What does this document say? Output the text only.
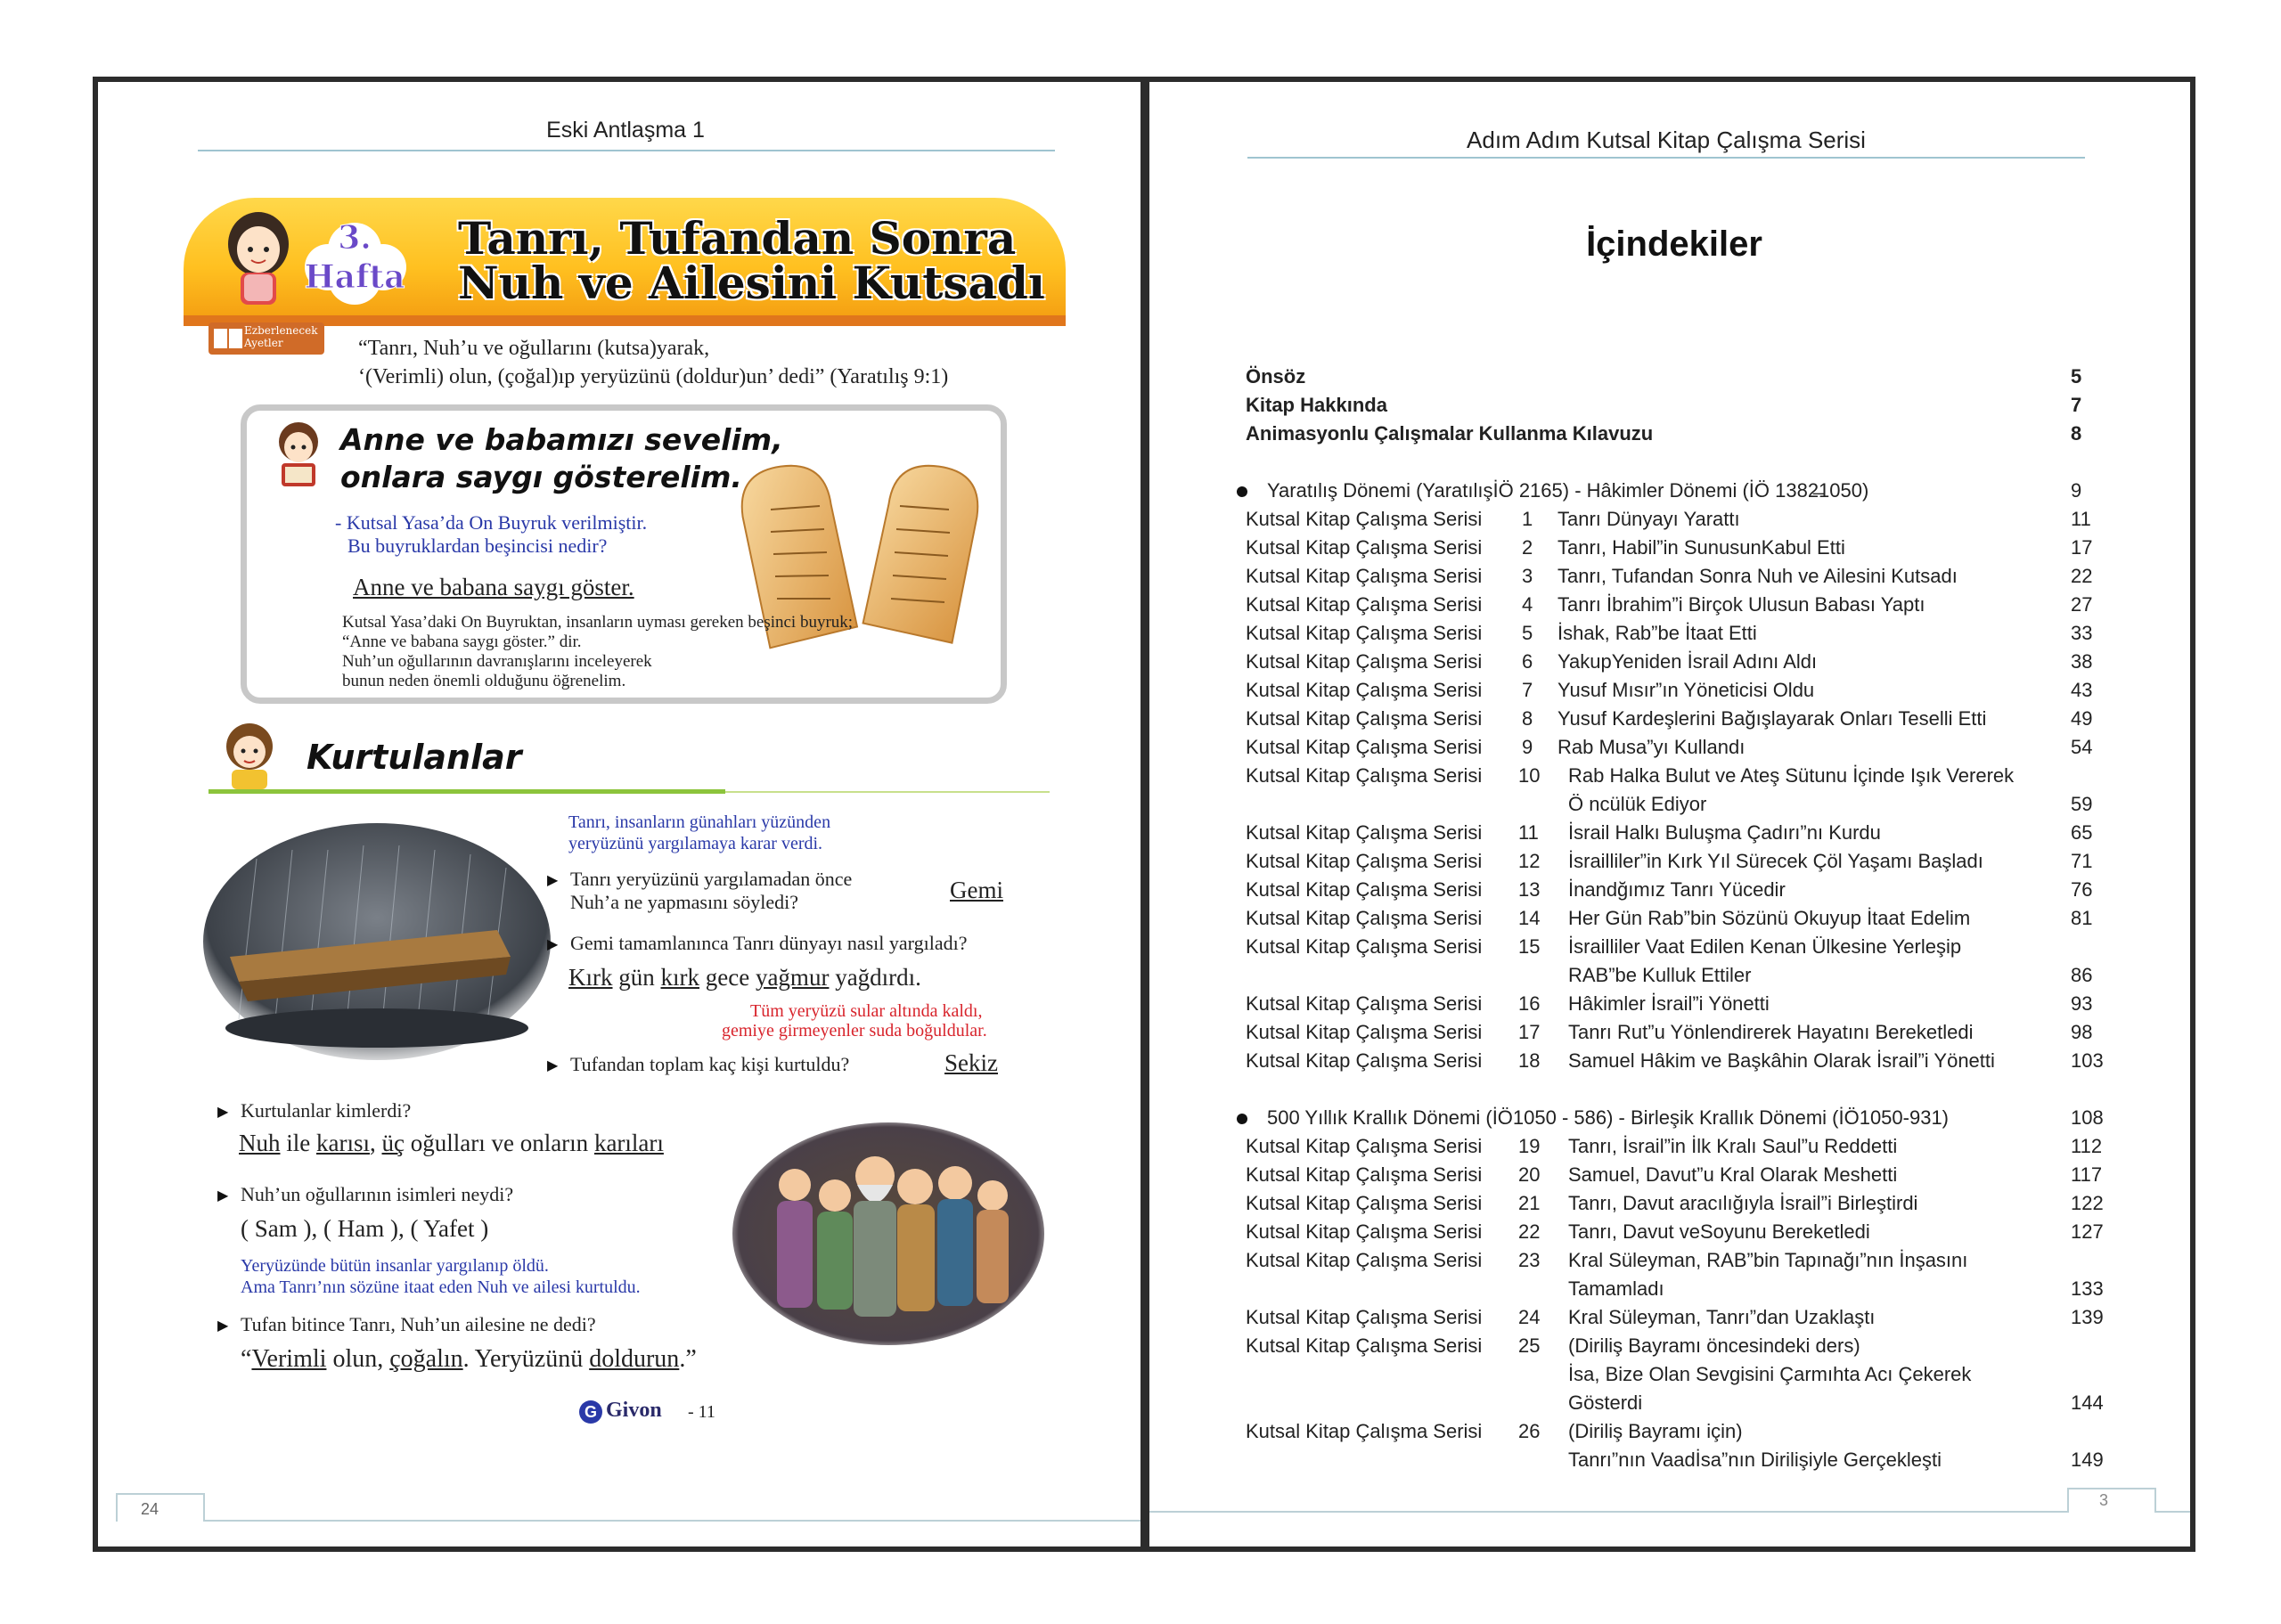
Eski Antlaşma 1
3.
Hafta
Tanrı, Tufandan Sonra
Nuh ve Ailesini Kutsadı
Ezberlenecek
Ayetler	“Tanrı, Nuh’u ve oğullarını (kutsa)yarak,
‘(Verimli) olun, (çoğal)ıp yeryüzünü (doldur)un’ dedi” (Yaratılış 9:1)
Anne ve babamızı sevelim,
onlara saygı gösterelim.
- Kutsal Yasa’da On Buyruk verilmiştir.
Bu buyruklardan beşincisi nedir?
Anne ve babana saygı göster.
Kutsal Yasa’daki On Buyruktan, insanların uyması gereken beşinci buyruk;
“Anne ve babana saygı göster.” dir.
Nuh’un oğullarının davranışlarını inceleyerek
bunun neden önemli olduğunu öğrenelim.
Kurtulanlar
Tanrı, insanların günahları yüzünden
yeryüzünü yargılamaya karar verdi.
▶ Tanrı yeryüzünü yargılamadan önce
Nuh’a ne yapmasını söyledi?	Gemi
▶ Gemi tamamlanınca Tanrı dünyayı nasıl yargıladı?
Kırk gün kırk gece yağmur yağdırdı.
Tüm yeryüzü sular altında kaldı,
gemiye girmeyenler suda boğuldular.
▶ Tufandan toplam kaç kişi kurtuldu?	Sekiz
▶ Kurtulanlar kimlerdi?
Nuh ile karısı, üç oğulları ve onların karıları
▶ Nuh’un oğullarının isimleri neydi?
( Sam ), ( Ham ), ( Yafet )
Yeryüzünde bütün insanlar yargılanıp öldü.
Ama Tanrı’nın sözüne itaat eden Nuh ve ailesi kurtuldu.
▶ Tufan bitince Tanrı, Nuh’un ailesine ne dedi?
“Verimli olun, çoğalın. Yeryüzünü doldurun.”
G Givon - 11
24
Adım Adım Kutsal Kitap Çalışma Serisi
İçindekiler
Önsöz	5
Kitap Hakkında	7
Animasyonlu Çalışmalar Kullanma Kılavuzu	8
Yaratılış Dönemi (YaratılışİÖ 2165) - Hâkimler Dönemi (İÖ 1382̶1050)	9
Kutsal Kitap Çalışma Serisi 1 Tanrı Dünyayı Yarattı	11
Kutsal Kitap Çalışma Serisi 2 Tanrı, Habil”in SunusunKabul Etti	17
Kutsal Kitap Çalışma Serisi 3 Tanrı, Tufandan Sonra Nuh ve Ailesini Kutsadı	22
Kutsal Kitap Çalışma Serisi 4 Tanrı İbrahim”i Birçok Ulusun Babası Yaptı	27
Kutsal Kitap Çalışma Serisi 5 İshak, Rab”be İtaat Etti	33
Kutsal Kitap Çalışma Serisi 6 YakupYeniden İsrail Adını Aldı	38
Kutsal Kitap Çalışma Serisi 7 Yusuf Mısır”ın Yöneticisi Oldu	43
Kutsal Kitap Çalışma Serisi 8 Yusuf Kardeşlerini Bağışlayarak Onları Teselli Etti	49
Kutsal Kitap Çalışma Serisi 9 Rab Musa”yı Kullandı	54
Kutsal Kitap Çalışma Serisi 10 Rab Halka Bulut ve Ateş Sütunu İçinde Işık Vererek
Ö ncülük Ediyor	59
Kutsal Kitap Çalışma Serisi 11 İsrail Halkı Buluşma Çadırı”nı Kurdu	65
Kutsal Kitap Çalışma Serisi 12 İsrailliler”in Kırk Yıl Sürecek Çöl Yaşamı Başladı	71
Kutsal Kitap Çalışma Serisi 13 İnandğımız Tanrı Yücedir	76
Kutsal Kitap Çalışma Serisi 14 Her Gün Rab”bin Sözünü Okuyup İtaat Edelim	81
Kutsal Kitap Çalışma Serisi 15 İsrailliler Vaat Edilen Kenan Ülkesine Yerleşip
RAB”be Kulluk Ettiler	86
Kutsal Kitap Çalışma Serisi 16 Hâkimler İsrail”i Yönetti	93
Kutsal Kitap Çalışma Serisi 17 Tanrı Rut”u Yönlendirerek Hayatını Bereketledi	98
Kutsal Kitap Çalışma Serisi 18 Samuel Hâkim ve Başkâhin Olarak İsrail”i Yönetti	103
500 Yıllık Krallık Dönemi (İÖ1050 - 586) - Birleşik Krallık Dönemi (İÖ1050-931)	108
Kutsal Kitap Çalışma Serisi 19 Tanrı, İsrail”in İlk Kralı Saul”u Reddetti	112
Kutsal Kitap Çalışma Serisi 20 Samuel, Davut”u Kral Olarak Meshetti	117
Kutsal Kitap Çalışma Serisi 21 Tanrı, Davut aracılığıyla İsrail”i Birleştirdi	122
Kutsal Kitap Çalışma Serisi 22 Tanrı, Davut veSoyunu Bereketledi	127
Kutsal Kitap Çalışma Serisi 23 Kral Süleyman, RAB”bin Tapınağı”nın İnşasını
Tamamladı	133
Kutsal Kitap Çalışma Serisi 24 Kral Süleyman, Tanrı”dan Uzaklaştı	139
Kutsal Kitap Çalışma Serisi 25 (Diriliş Bayramı öncesindeki ders)
İsa, Bize Olan Sevgisini Çarmıhta Acı Çekerek
Gösterdi	144
Kutsal Kitap Çalışma Serisi 26 (Diriliş Bayramı için)
Tanrı”nın Vaadİsa”nın Dirilişiyle Gerçekleşti	149
3
